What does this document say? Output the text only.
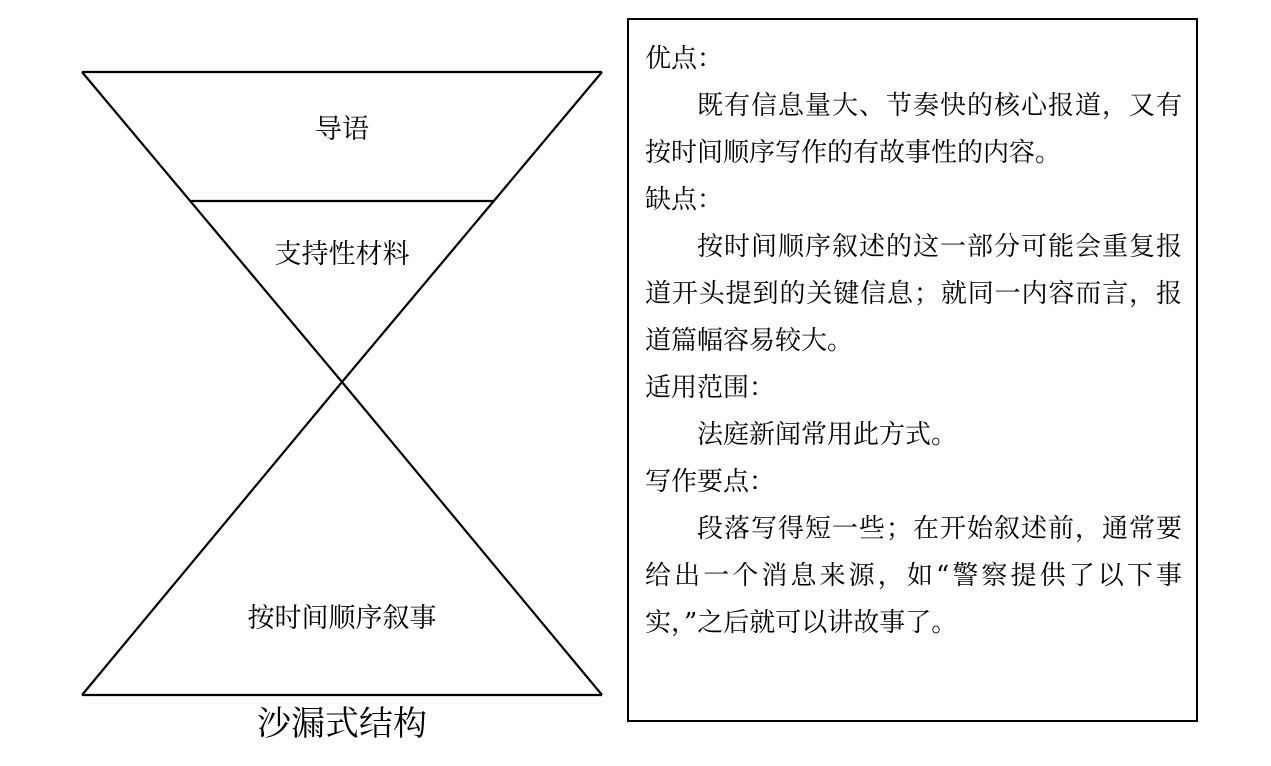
导语
支持性材料
按时间顺序叙事
沙漏式结构
优点：
既有信息量大、节奏快的核心报道，又有按时间顺序写作的有故事性的内容。
缺点：
按时间顺序叙述的这一部分可能会重复报道开头提到的关键信息；就同一内容而言，报道篇幅容易较大。
适用范围：
法庭新闻常用此方式。
写作要点：
段落写得短一些；在开始叙述前，通常要给出一个消息来源，如“警察提供了以下事实，”之后就可以讲故事了。
